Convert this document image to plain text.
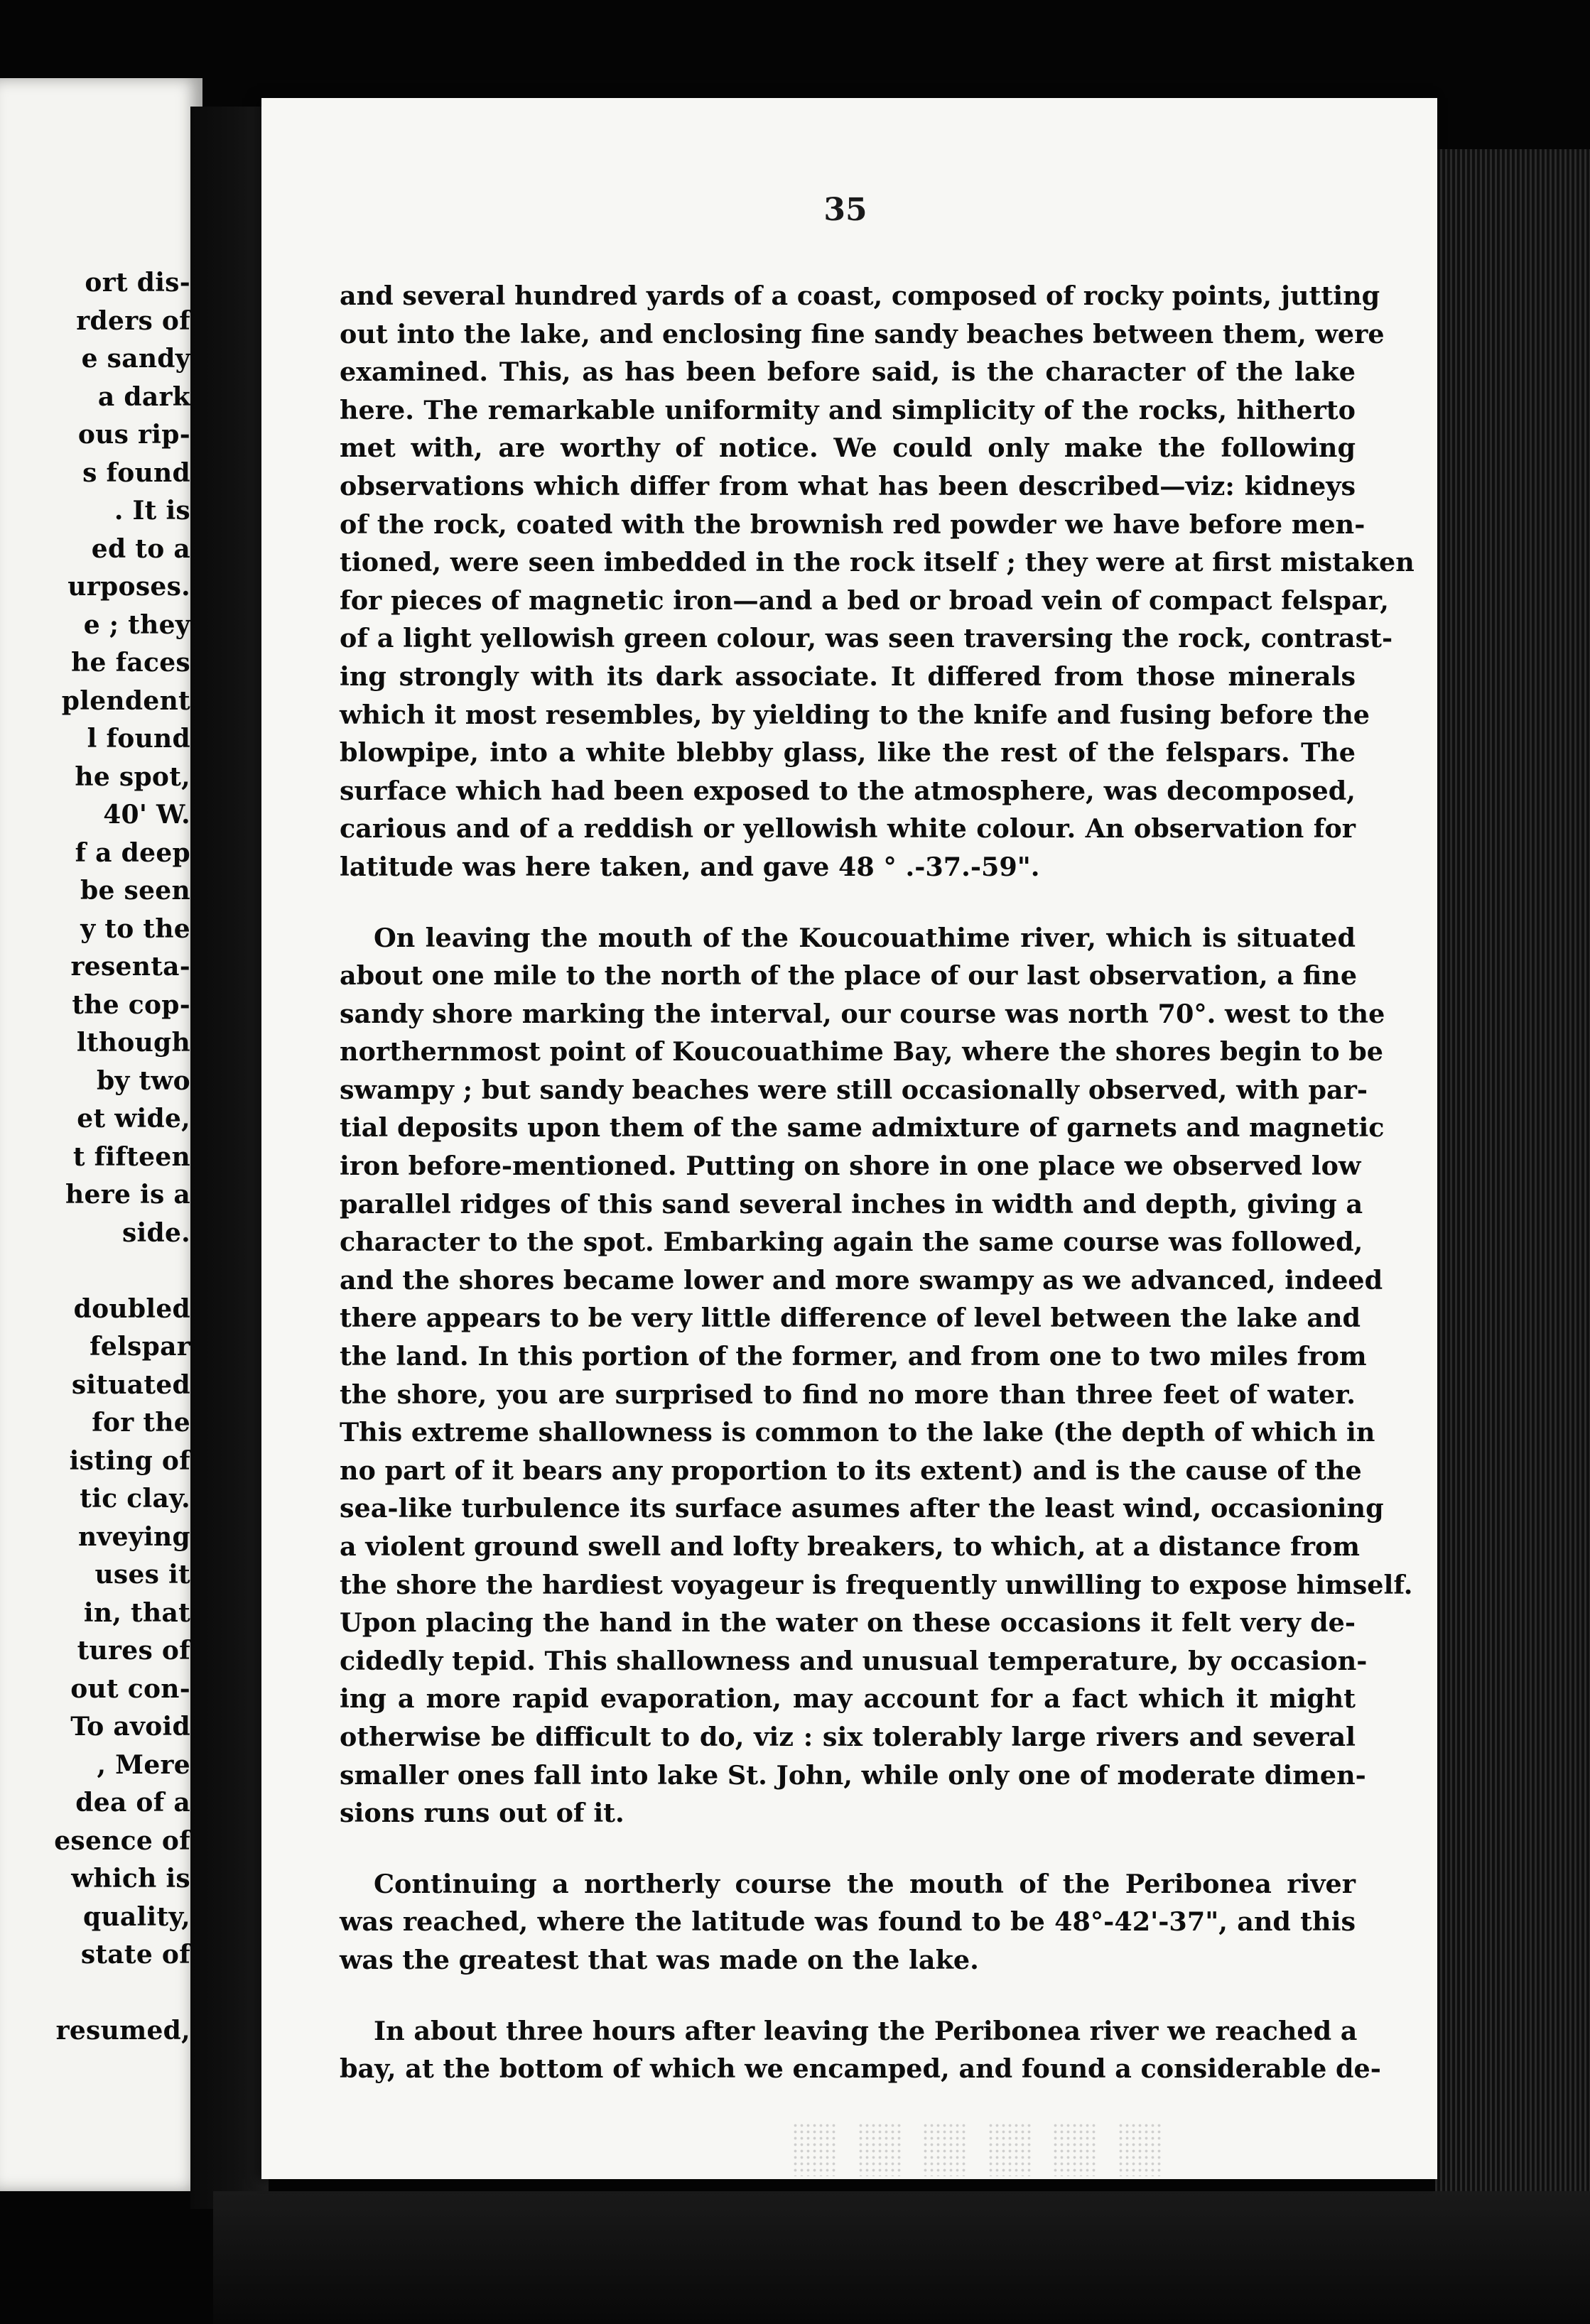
ort dis-
rders of
e sandy
a dark
ous rip-
s found
. It is
ed to a
urposes.
e ; they
he faces
plendent
l found
he spot,
40' W.
f a deep
be seen
y to the
resenta-
the cop-
lthough
by two
et wide,
t fifteen
here is a
side.
doubled
felspar
situated
for the
isting of
tic clay.
nveying
uses it
in, that
tures of
out con-
To avoid
, Mere
dea of a
esence of
which is
quality,
state of
resumed,
35
and several hundred yards of a coast, composed of rocky points, jutting
out into the lake, and enclosing fine sandy beaches between them, were
examined. This, as has been before said, is the character of the lake
here. The remarkable uniformity and simplicity of the rocks, hitherto
met with, are worthy of notice. We could only make the following
observations which differ from what has been described—viz: kidneys
of the rock, coated with the brownish red powder we have before men-
tioned, were seen imbedded in the rock itself ; they were at first mistaken
for pieces of magnetic iron—and a bed or broad vein of compact felspar,
of a light yellowish green colour, was seen traversing the rock, contrast-
ing strongly with its dark associate. It differed from those minerals
which it most resembles, by yielding to the knife and fusing before the
blowpipe, into a white blebby glass, like the rest of the felspars. The
surface which had been exposed to the atmosphere, was decomposed,
carious and of a reddish or yellowish white colour. An observation for
latitude was here taken, and gave 48 ° .-37.-59".
On leaving the mouth of the Koucouathime river, which is situated
about one mile to the north of the place of our last observation, a fine
sandy shore marking the interval, our course was north 70°. west to the
northernmost point of Koucouathime Bay, where the shores begin to be
swampy ; but sandy beaches were still occasionally observed, with par-
tial deposits upon them of the same admixture of garnets and magnetic
iron before-mentioned. Putting on shore in one place we observed low
parallel ridges of this sand several inches in width and depth, giving a
character to the spot. Embarking again the same course was followed,
and the shores became lower and more swampy as we advanced, indeed
there appears to be very little difference of level between the lake and
the land. In this portion of the former, and from one to two miles from
the shore, you are surprised to find no more than three feet of water.
This extreme shallowness is common to the lake (the depth of which in
no part of it bears any proportion to its extent) and is the cause of the
sea-like turbulence its surface asumes after the least wind, occasioning
a violent ground swell and lofty breakers, to which, at a distance from
the shore the hardiest voyageur is frequently unwilling to expose himself.
Upon placing the hand in the water on these occasions it felt very de-
cidedly tepid. This shallowness and unusual temperature, by occasion-
ing a more rapid evaporation, may account for a fact which it might
otherwise be difficult to do, viz : six tolerably large rivers and several
smaller ones fall into lake St. John, while only one of moderate dimen-
sions runs out of it.
Continuing a northerly course the mouth of the Peribonea river
was reached, where the latitude was found to be 48°-42'-37", and this
was the greatest that was made on the lake.
In about three hours after leaving the Peribonea river we reached a
bay, at the bottom of which we encamped, and found a considerable de-
